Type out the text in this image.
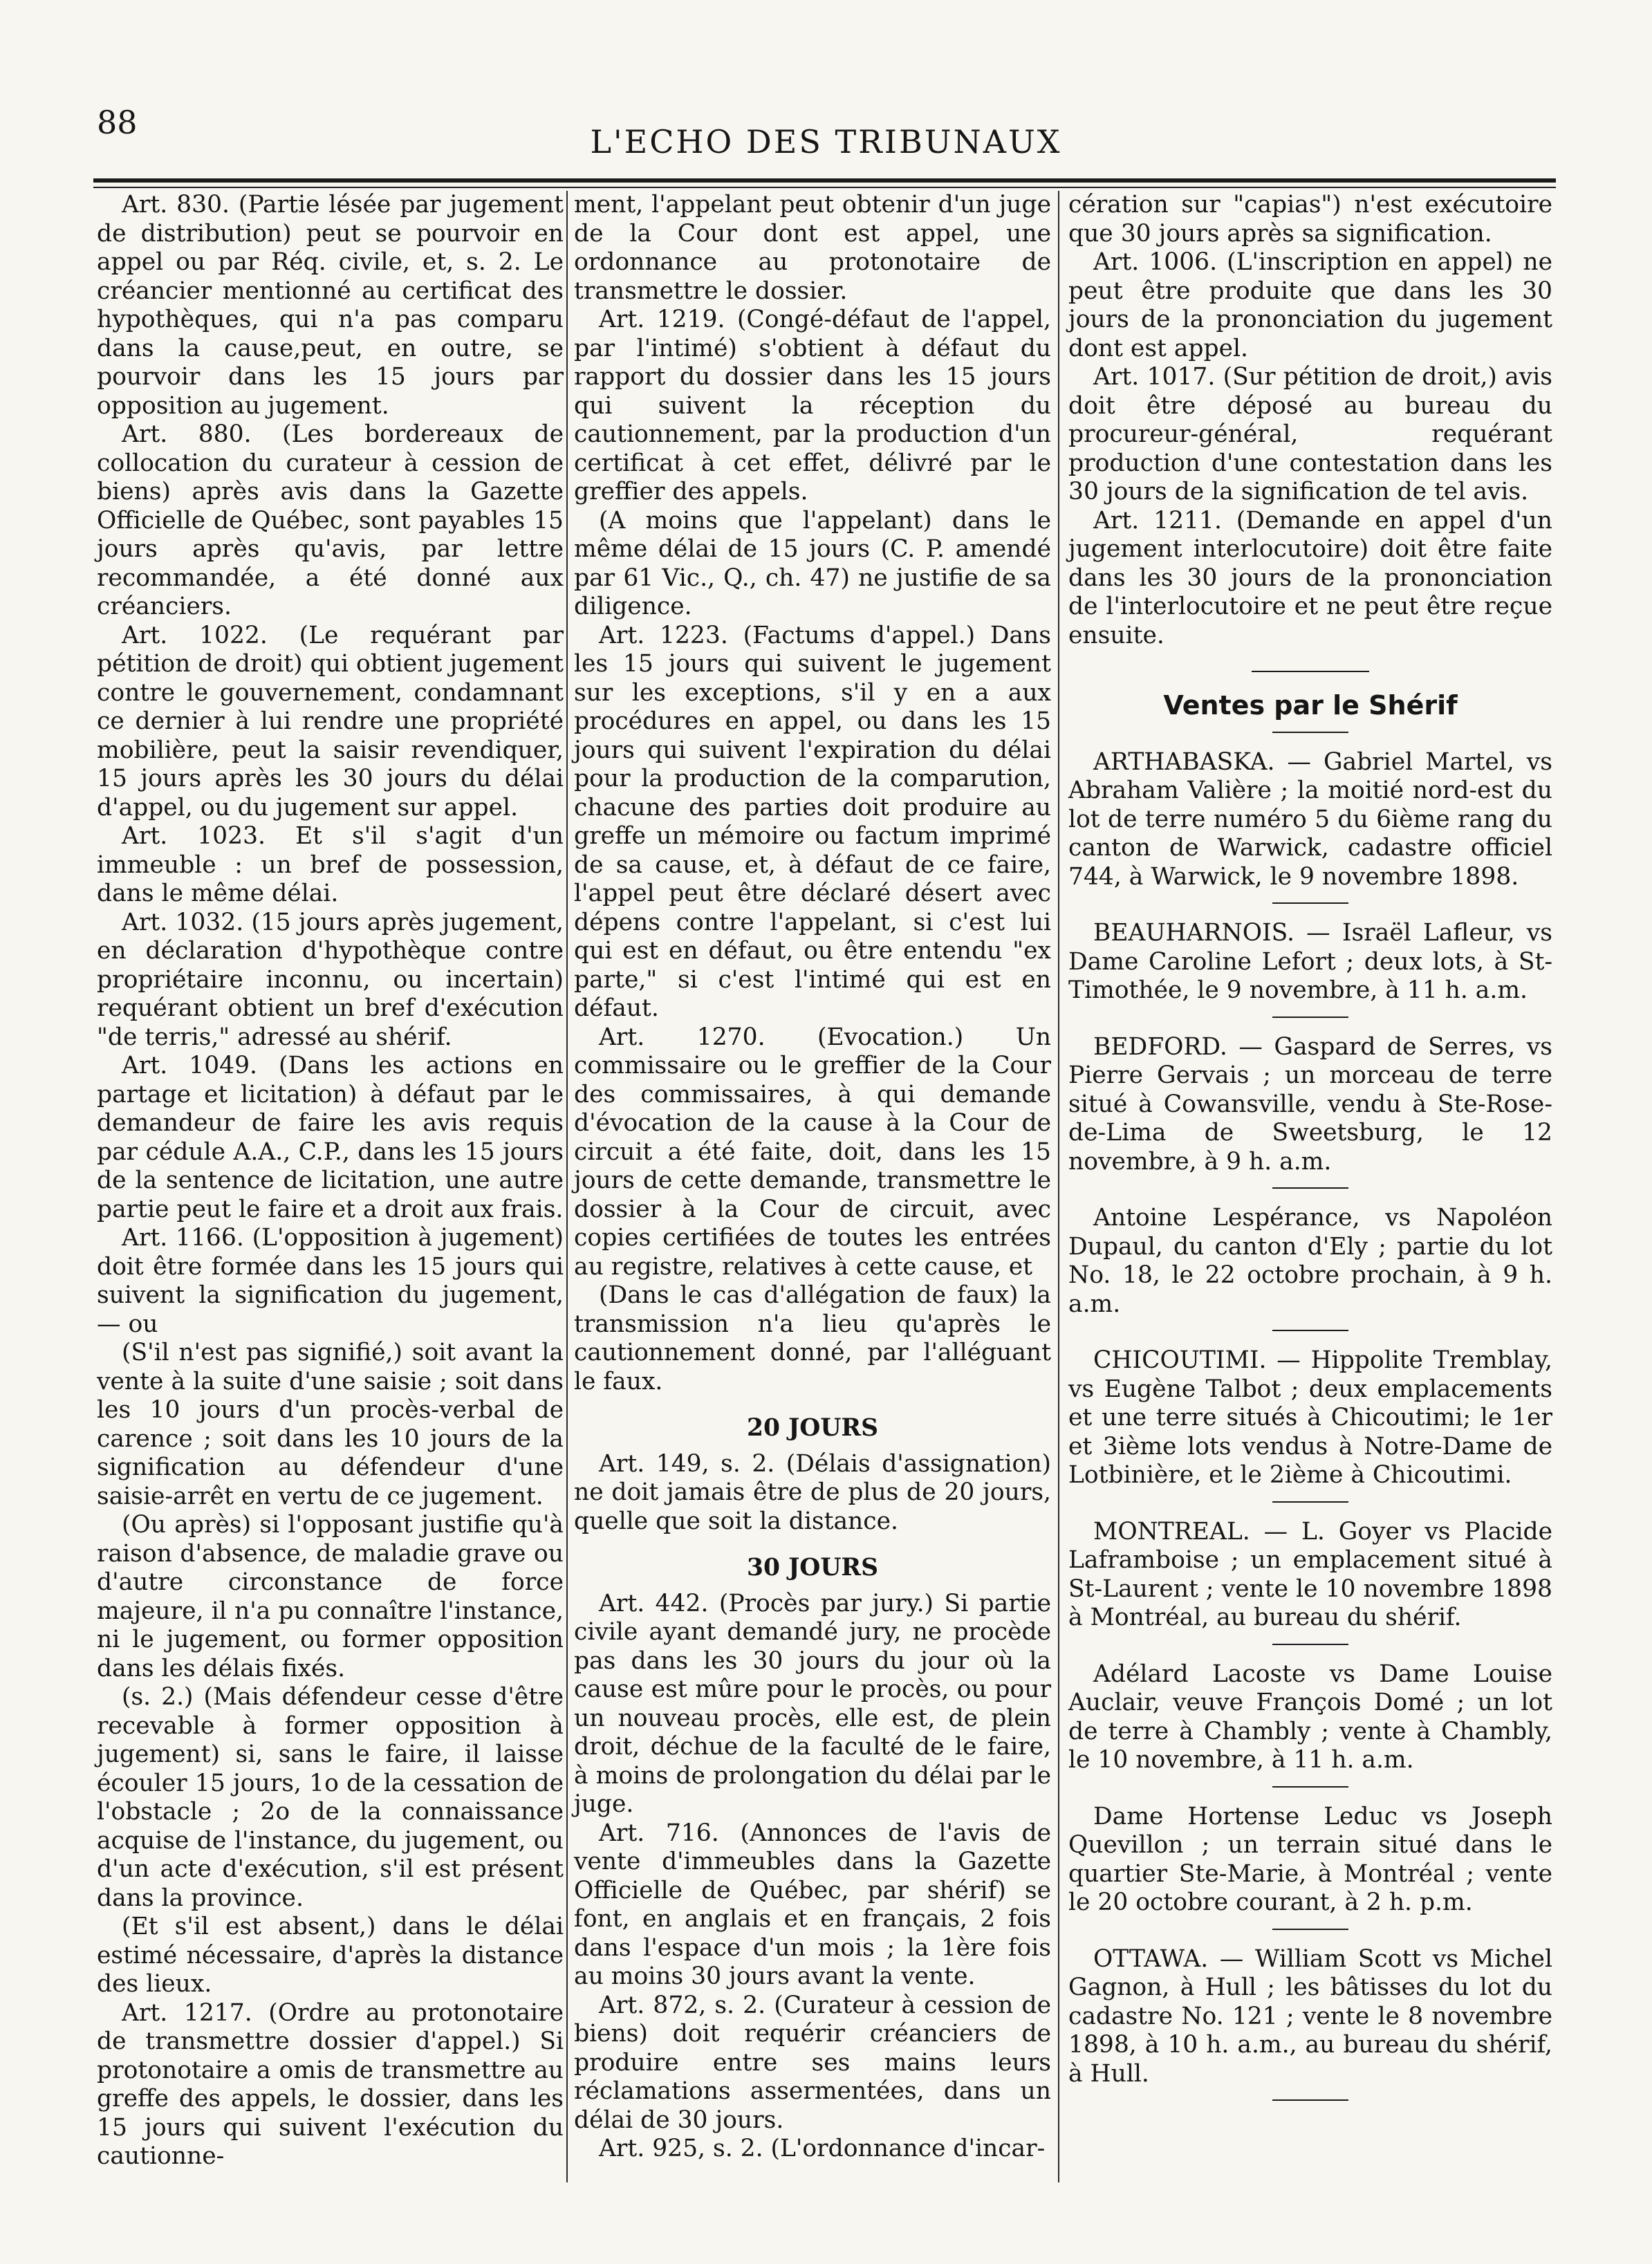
88
L'ECHO DES TRIBUNAUX

Art. 830. (Partie lésée par jugement de distribution) peut se pourvoir en appel ou par Réq. civile, et, s. 2. Le créancier mentionné au certificat des hypothèques, qui n'a pas comparu dans la cause,peut, en outre, se pourvoir dans les 15 jours par opposition au jugement.

Art. 880. (Les bordereaux de collocation du curateur à cession de biens) après avis dans la Gazette Officielle de Québec, sont payables 15 jours après qu'avis, par lettre recommandée, a été donné aux créanciers.

Art. 1022. (Le requérant par pétition de droit) qui obtient jugement contre le gouvernement, condamnant ce dernier à lui rendre une propriété mobilière, peut la saisir revendiquer, 15 jours après les 30 jours du délai d'appel, ou du jugement sur appel.

Art. 1023. Et s'il s'agit d'un immeuble : un bref de possession, dans le même délai.

Art. 1032. (15 jours après jugement, en déclaration d'hypothèque contre propriétaire inconnu, ou incertain) requérant obtient un bref d'exécution "de terris," adressé au shérif.

Art. 1049. (Dans les actions en partage et licitation) à défaut par le demandeur de faire les avis requis par cédule A.A., C.P., dans les 15 jours de la sentence de licitation, une autre partie peut le faire et a droit aux frais.

Art. 1166. (L'opposition à jugement) doit être formée dans les 15 jours qui suivent la signification du jugement, — ou

(S'il n'est pas signifié,) soit avant la vente à la suite d'une saisie ; soit dans les 10 jours d'un procès-verbal de carence ; soit dans les 10 jours de la signification au défendeur d'une saisie-arrêt en vertu de ce jugement.

(Ou après) si l'opposant justifie qu'à raison d'absence, de maladie grave ou d'autre circonstance de force majeure, il n'a pu connaître l'instance, ni le jugement, ou former opposition dans les délais fixés.

(s. 2.) (Mais défendeur cesse d'être recevable à former opposition à jugement) si, sans le faire, il laisse écouler 15 jours, 1o de la cessation de l'obstacle ; 2o de la connaissance acquise de l'instance, du jugement, ou d'un acte d'exécution, s'il est présent dans la province.

(Et s'il est absent,) dans le délai estimé nécessaire, d'après la distance des lieux.

Art. 1217. (Ordre au protonotaire de transmettre dossier d'appel.) Si protonotaire a omis de transmettre au greffe des appels, le dossier, dans les 15 jours qui suivent l'exécution du cautionne-

ment, l'appelant peut obtenir d'un juge de la Cour dont est appel, une ordonnance au protonotaire de transmettre le dossier.

Art. 1219. (Congé-défaut de l'appel, par l'intimé) s'obtient à défaut du rapport du dossier dans les 15 jours qui suivent la réception du cautionnement, par la production d'un certificat à cet effet, délivré par le greffier des appels.

(A moins que l'appelant) dans le même délai de 15 jours (C. P. amendé par 61 Vic., Q., ch. 47) ne justifie de sa diligence.

Art. 1223. (Factums d'appel.) Dans les 15 jours qui suivent le jugement sur les exceptions, s'il y en a aux procédures en appel, ou dans les 15 jours qui suivent l'expiration du délai pour la production de la comparution, chacune des parties doit produire au greffe un mémoire ou factum imprimé de sa cause, et, à défaut de ce faire, l'appel peut être déclaré désert avec dépens contre l'appelant, si c'est lui qui est en défaut, ou être entendu "ex parte," si c'est l'intimé qui est en défaut.

Art. 1270. (Evocation.) Un commissaire ou le greffier de la Cour des commissaires, à qui demande d'évocation de la cause à la Cour de circuit a été faite, doit, dans les 15 jours de cette demande, transmettre le dossier à la Cour de circuit, avec copies certifiées de toutes les entrées au registre, relatives à cette cause, et

(Dans le cas d'allégation de faux) la transmission n'a lieu qu'après le cautionnement donné, par l'alléguant le faux.

20 JOURS

Art. 149, s. 2. (Délais d'assignation) ne doit jamais être de plus de 20 jours, quelle que soit la distance.

30 JOURS

Art. 442. (Procès par jury.) Si partie civile ayant demandé jury, ne procède pas dans les 30 jours du jour où la cause est mûre pour le procès, ou pour un nouveau procès, elle est, de plein droit, déchue de la faculté de le faire, à moins de prolongation du délai par le juge.

Art. 716. (Annonces de l'avis de vente d'immeubles dans la Gazette Officielle de Québec, par shérif) se font, en anglais et en français, 2 fois dans l'espace d'un mois ; la 1ère fois au moins 30 jours avant la vente.

Art. 872, s. 2. (Curateur à cession de biens) doit requérir créanciers de produire entre ses mains leurs réclamations assermentées, dans un délai de 30 jours.

Art. 925, s. 2. (L'ordonnance d'incar-

cération sur "capias") n'est exécutoire que 30 jours après sa signification.

Art. 1006. (L'inscription en appel) ne peut être produite que dans les 30 jours de la prononciation du jugement dont est appel.

Art. 1017. (Sur pétition de droit,) avis doit être déposé au bureau du procureur-général, requérant production d'une contestation dans les 30 jours de la signification de tel avis.

Art. 1211. (Demande en appel d'un jugement interlocutoire) doit être faite dans les 30 jours de la prononciation de l'interlocutoire et ne peut être reçue ensuite.

Ventes par le Shérif

ARTHABASKA. — Gabriel Martel, vs Abraham Valière ; la moitié nord-est du lot de terre numéro 5 du 6ième rang du canton de Warwick, cadastre officiel 744, à Warwick, le 9 novembre 1898.

BEAUHARNOIS. — Israël Lafleur, vs Dame Caroline Lefort ; deux lots, à St-Timothée, le 9 novembre, à 11 h. a.m.

BEDFORD. — Gaspard de Serres, vs Pierre Gervais ; un morceau de terre situé à Cowansville, vendu à Ste-Rose-de-Lima de Sweetsburg, le 12 novembre, à 9 h. a.m.

Antoine Lespérance, vs Napoléon Dupaul, du canton d'Ely ; partie du lot No. 18, le 22 octobre prochain, à 9 h. a.m.

CHICOUTIMI. — Hippolite Tremblay, vs Eugène Talbot ; deux emplacements et une terre situés à Chicoutimi; le 1er et 3ième lots vendus à Notre-Dame de Lotbinière, et le 2ième à Chicoutimi.

MONTREAL. — L. Goyer vs Placide Laframboise ; un emplacement situé à St-Laurent ; vente le 10 novembre 1898 à Montréal, au bureau du shérif.

Adélard Lacoste vs Dame Louise Auclair, veuve François Domé ; un lot de terre à Chambly ; vente à Chambly, le 10 novembre, à 11 h. a.m.

Dame Hortense Leduc vs Joseph Quevillon ; un terrain situé dans le quartier Ste-Marie, à Montréal ; vente le 20 octobre courant, à 2 h. p.m.

OTTAWA. — William Scott vs Michel Gagnon, à Hull ; les bâtisses du lot du cadastre No. 121 ; vente le 8 novembre 1898, à 10 h. a.m., au bureau du shérif, à Hull.
